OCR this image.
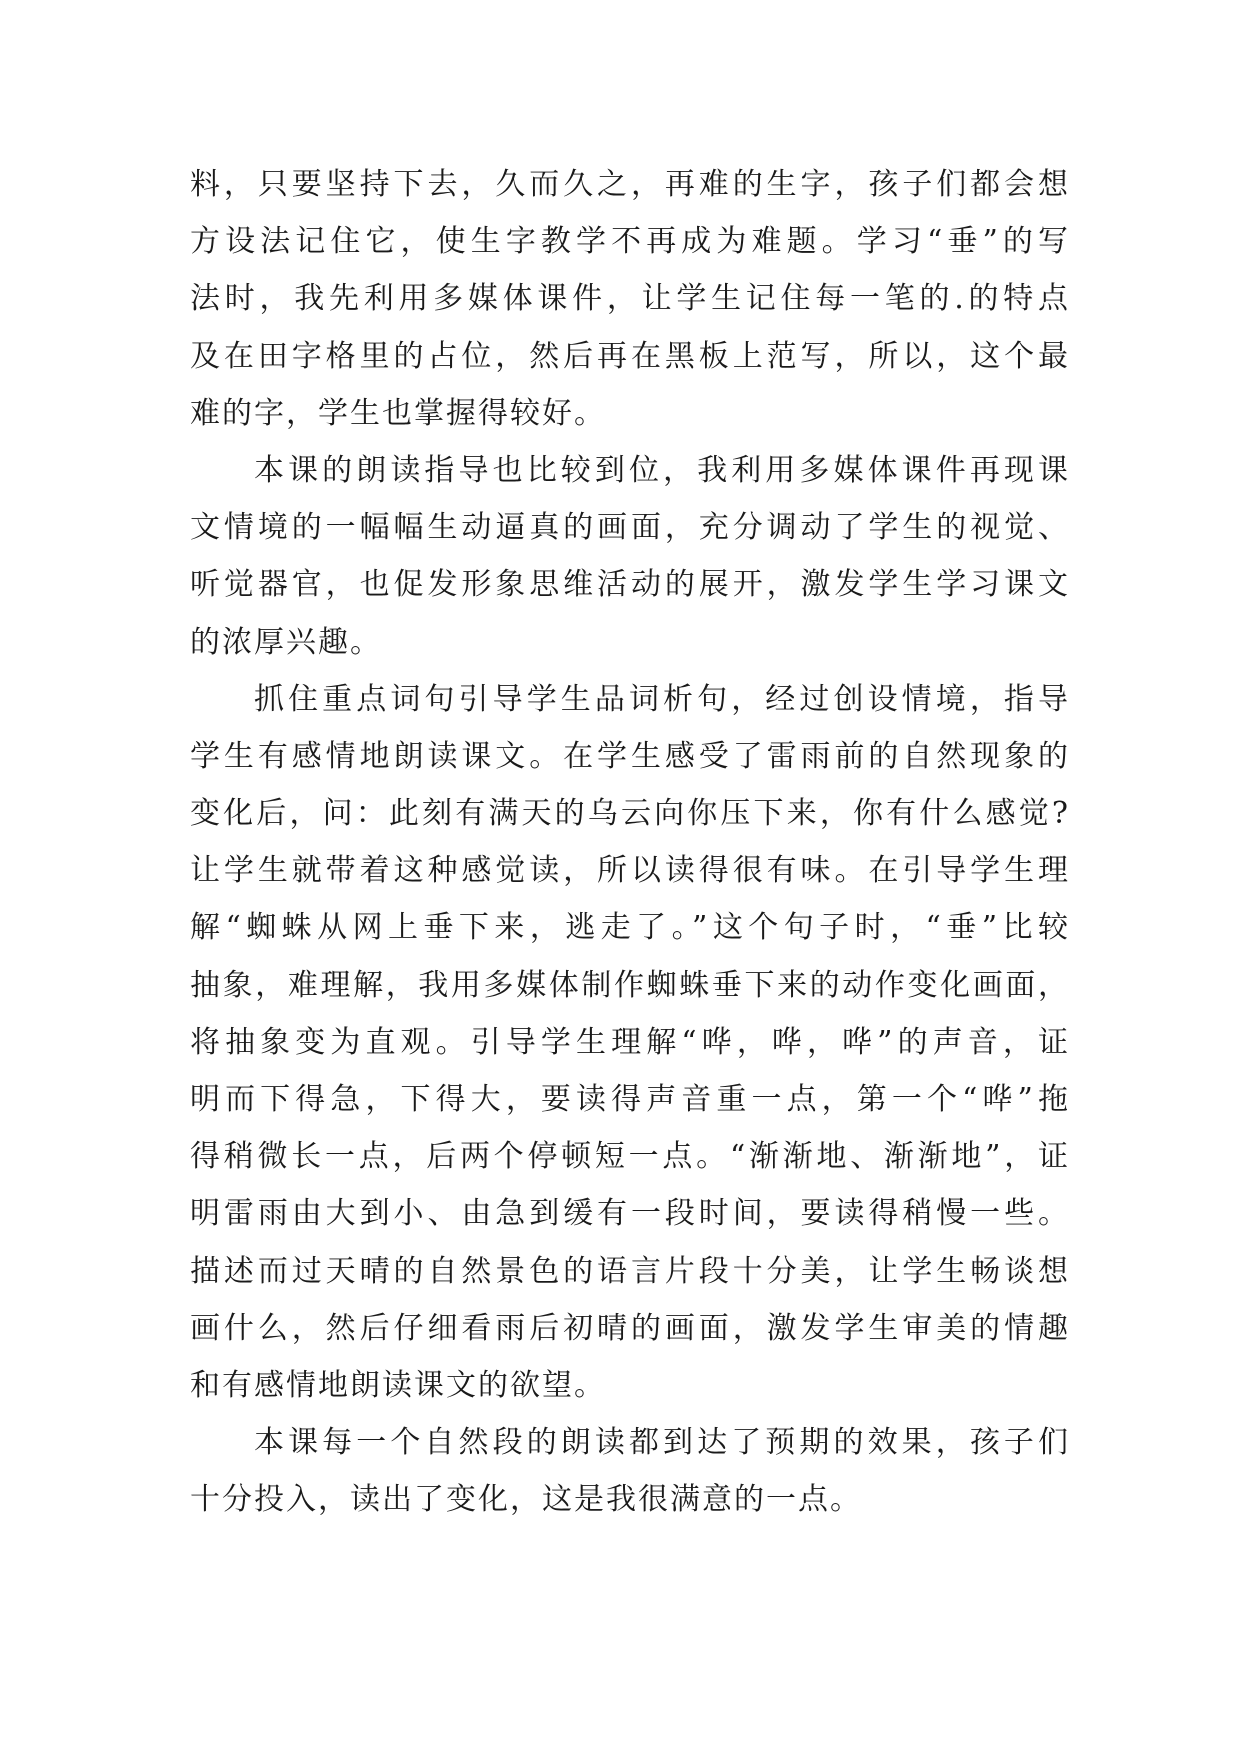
料，只要坚持下去，久而久之，再难的生字，孩子们都会想
方设法记住它，使生字教学不再成为难题。学习“垂”的写
法时，我先利用多媒体课件，让学生记住每一笔的.的特点
及在田字格里的占位，然后再在黑板上范写，所以，这个最
难的字，学生也掌握得较好。
本课的朗读指导也比较到位，我利用多媒体课件再现课
文情境的一幅幅生动逼真的画面，充分调动了学生的视觉、
听觉器官，也促发形象思维活动的展开，激发学生学习课文
的浓厚兴趣。
抓住重点词句引导学生品词析句，经过创设情境，指导
学生有感情地朗读课文。在学生感受了雷雨前的自然现象的
变化后，问：此刻有满天的乌云向你压下来，你有什么感觉?
让学生就带着这种感觉读，所以读得很有味。在引导学生理
解“蜘蛛从网上垂下来，逃走了。”这个句子时，“垂”比较
抽象，难理解，我用多媒体制作蜘蛛垂下来的动作变化画面，
将抽象变为直观。引导学生理解“哗，哗，哗”的声音，证
明而下得急，下得大，要读得声音重一点，第一个“哗”拖
得稍微长一点，后两个停顿短一点。“渐渐地、渐渐地”，证
明雷雨由大到小、由急到缓有一段时间，要读得稍慢一些。
描述而过天晴的自然景色的语言片段十分美，让学生畅谈想
画什么，然后仔细看雨后初晴的画面，激发学生审美的情趣
和有感情地朗读课文的欲望。
本课每一个自然段的朗读都到达了预期的效果，孩子们
十分投入，读出了变化，这是我很满意的一点。
